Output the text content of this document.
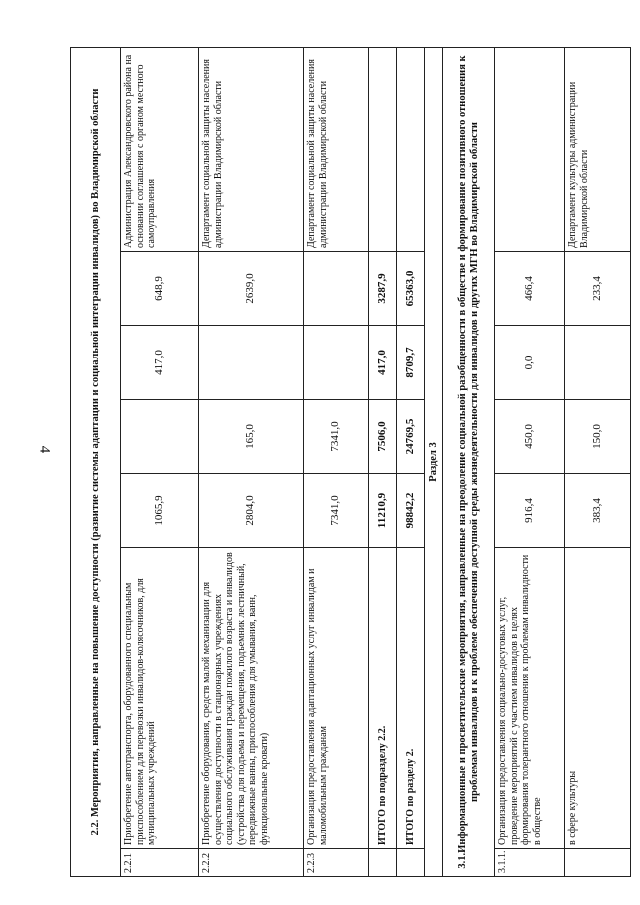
4	2.2. Мероприятия, направленные на повышение доступности (развитие системы адаптации и социальной интеграции инвалидов) во Владимирской области						
2.2.1	Приобретение автотранспорта, оборудованного специальным приспособлением для перевозки инвалидов-колясочников, для муниципальных учреждений	1065,9		417,0	648,9	Администрация Александровского района на основании соглашения с органом местного самоуправления
2.2.2	Приобретение оборудования, средств малой механизации для осуществления доступности в стационарных учреждениях социального обслуживания граждан пожилого возраста и инвалидов (устройства для подъема и перемещения, подъемник лестничный, передвижные ванны, приспособления для умывания, ванн, функциональные кровати)	2804,0	165,0		2639,0	Департамент социальной защиты населения администрации Владимирской области
2.2.3	Организация предоставления адаптационных услуг инвалидам и маломобильным гражданам	7341,0	7341,0			Департамент социальной защиты населения администрации Владимирской области
	ИТОГО по подразделу 2.2.	11210,9	7506,0	417,0	3287,9	
	ИТОГО по разделу 2.	98842,2	24769,5	8709,7	65363,0	
Раздел 3						
3.1.Информационные и просветительские мероприятия, направленные на преодоление социальной разобщенности в обществе и формирование позитивного отношения к проблемам инвалидов и к проблеме обеспечения доступной среды жизнедеятельности для инвалидов и других МГН во Владимирской области						
3.1.1.	Организация предоставления социально-досуговых услуг, проведение мероприятий с участием инвалидов в целях формирования толерантного отношения к проблемам инвалидности в обществе	916,4	450,0	0,0	466,4	
	в сфере культуры	383,4	150,0		233,4	Департамент культуры администрации Владимирской области
